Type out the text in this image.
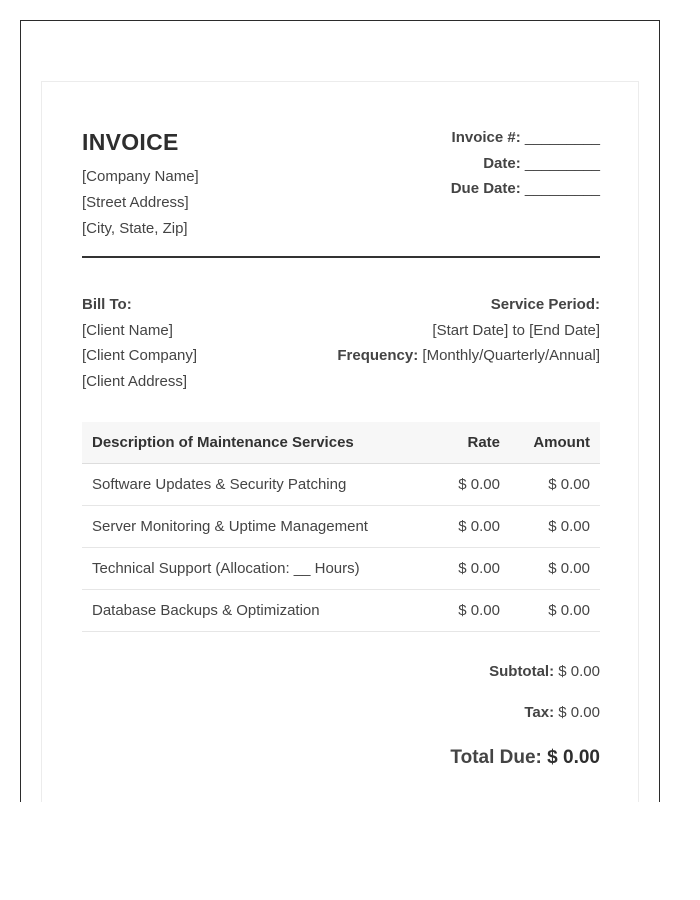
INVOICE
[Company Name]
[Street Address]
[City, State, Zip]
Invoice #: _________
Date: _________
Due Date: _________
Bill To:
[Client Name]
[Client Company]
[Client Address]
Service Period:
[Start Date] to [End Date]
Frequency: [Monthly/Quarterly/Annual]
Description of Maintenance Services	Rate	Amount
Software Updates & Security Patching	$ 0.00	$ 0.00
Server Monitoring & Uptime Management	$ 0.00	$ 0.00
Technical Support (Allocation: __ Hours)	$ 0.00	$ 0.00
Database Backups & Optimization	$ 0.00	$ 0.00
Subtotal: $ 0.00
Tax: $ 0.00
Total Due: $ 0.00
